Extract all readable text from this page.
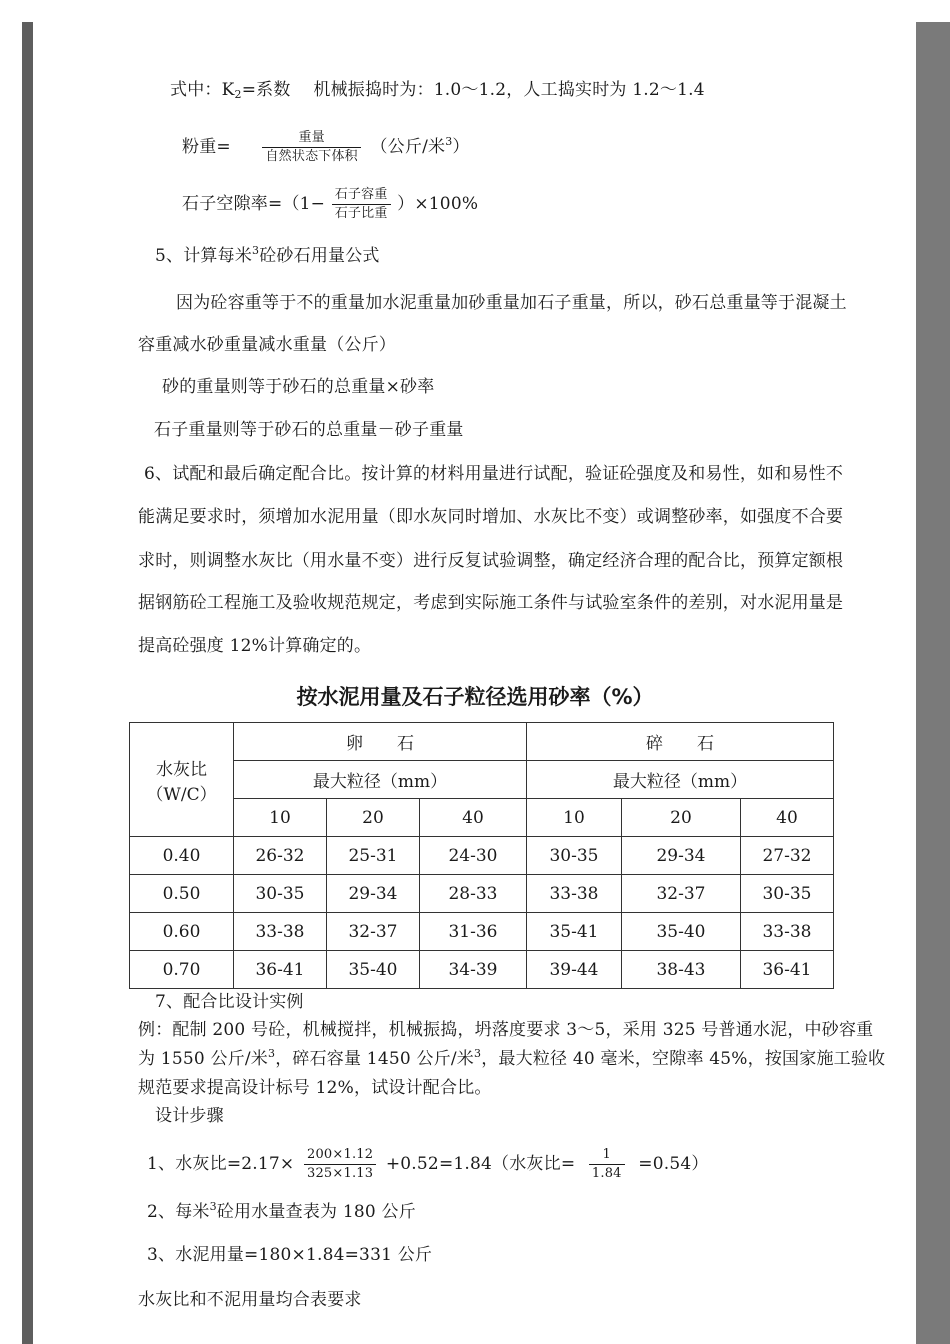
式中：$K_2=$系数　 机械振捣时为：1.0～1.2，人工捣实时为 1.2～1.4
粉重= $\frac{\text{重量}}{\text{自然状态下体积}}$ （公斤/米$^3$）
石子空隙率$=(1- \frac{\text{石子容重}}{\text{石子比重}} )\times 100\%$
5、计算每米$^3$砼砂石用量公式
因为砼容重等于不的重量加水泥重量加砂重量加石子重量，所以，砂石总重量等于混凝土
容重减水砂重量减水重量（公斤）
砂的重量则等于砂石的总重量×砂率
石子重量则等于砂石的总重量－砂子重量
6、试配和最后确定配合比。按计算的材料用量进行试配，验证砼强度及和易性，如和易性不
能满足要求时，须增加水泥用量（即水灰同时增加、水灰比不变）或调整砂率，如强度不合要
求时，则调整水灰比（用水量不变）进行反复试验调整，确定经济合理的配合比，预算定额根
据钢筋砼工程施工及验收规范规定，考虑到实际施工条件与试验室条件的差别，对水泥用量是
提高砼强度 12%计算确定的。
按水泥用量及石子粒径选用砂率（%）
水灰比
（W/C）	卵　　石			碎　　石		
	最大粒径（mm）			最大粒径（mm）		
	10	20	40	10	20	40
0.40	26-32	25-31	24-30	30-35	29-34	27-32
0.50	30-35	29-34	28-33	33-38	32-37	30-35
0.60	33-38	32-37	31-36	35-41	35-40	33-38
0.70	36-41	35-40	34-39	39-44	38-43	36-41
7、配合比设计实例
例：配制 200 号砼，机械搅拌，机械振捣，坍落度要求 3～5，采用 325 号普通水泥，中砂容重
为 1550 公斤/米$^3$，碎石容量 1450 公斤/米$^3$，最大粒径 40 毫米，空隙率 45%，按国家施工验收
规范要求提高设计标号 12%，试设计配合比。
设计步骤
1、水灰比$=2.17\times \frac{200\times 1.12}{325\times 1.13} +0.52=1.84$（水灰比= $\frac{1}{1.84} =0.54$）
2、每米$^3$砼用水量查表为 180 公斤
3、水泥用量=180×1.84=331 公斤
水灰比和不泥用量均合表要求
